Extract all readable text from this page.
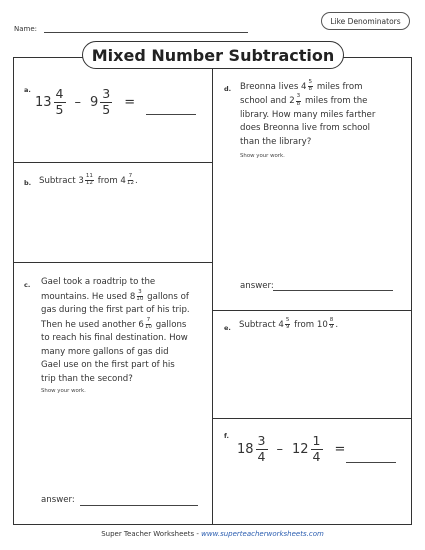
Name:
Like Denominators
Mixed Number Subtraction
a.
$13 \frac{4}{5} - 9 \frac{3}{5}$ =
b. Subtract $3 \frac{11}{12}$ from $4 \frac{7}{12}$ .
c. Gael took a roadtrip to the
mountains. He used $8 \frac{3}{10}$ gallons of
gas during the first part of his trip.
Then he used another $6 \frac{7}{10}$ gallons
to reach his final destination. How
many more gallons of gas did
Gael use on the first part of his
trip than the second?
Show your work.
answer:
d. Breonna lives $4 \frac{5}{8}$ miles from
school and $2 \frac{3}{8}$ miles from the
library. How many miles farther
does Breonna live from school
than the library?
Show your work.
answer:
e. Subtract $4 \frac{5}{9}$ from $10 \frac{8}{9}$ .
f.
$18 \frac{3}{4} - 12 \frac{1}{4}$ =
Super Teacher Worksheets - www.superteacherworksheets.com
